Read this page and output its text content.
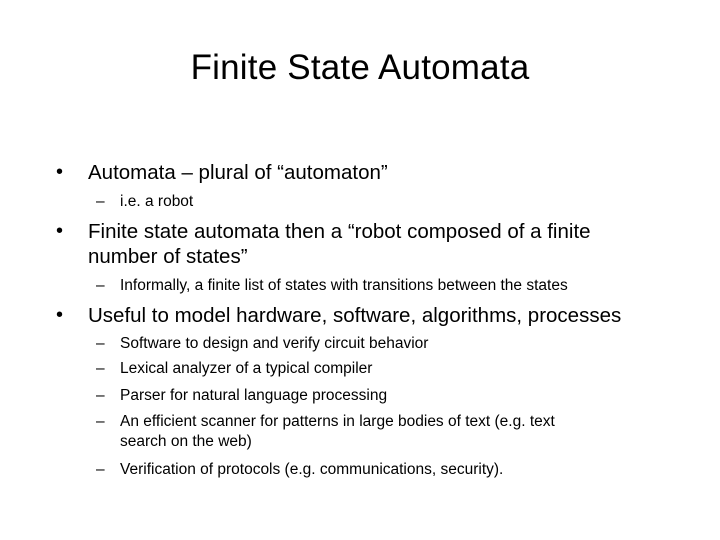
Finite State Automata
• Automata – plural of “automaton”
– i.e. a robot
• Finite state automata then a “robot composed of a finite
number of states”
– Informally, a finite list of states with transitions between the states
• Useful to model hardware, software, algorithms, processes
– Software to design and verify circuit behavior
– Lexical analyzer of a typical compiler
– Parser for natural language processing
– An efficient scanner for patterns in large bodies of text (e.g. text
search on the web)
– Verification of protocols (e.g. communications, security).
